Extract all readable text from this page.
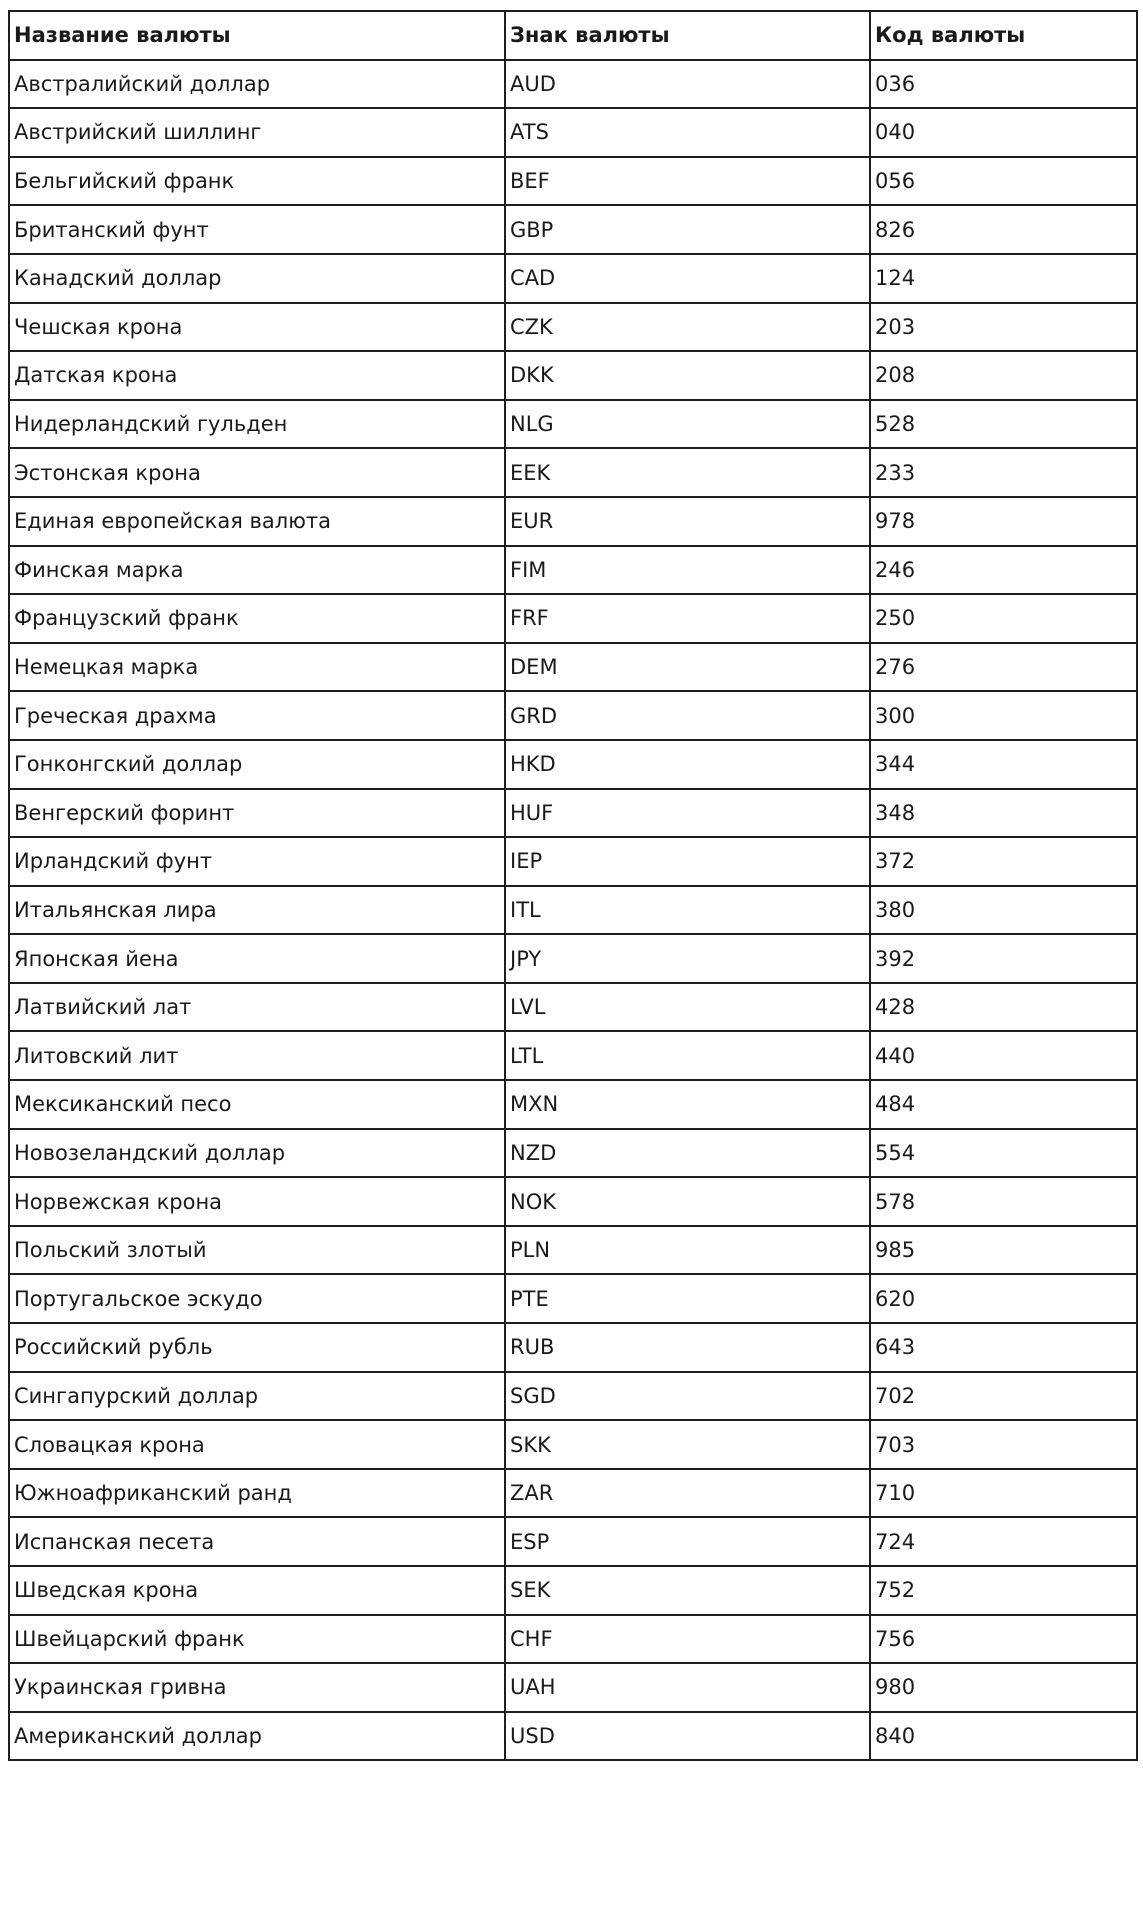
Название валюты	Знак валюты	Код валюты
Австралийский доллар	AUD	036
Австрийский шиллинг	ATS	040
Бельгийский франк	BEF	056
Британский фунт	GBP	826
Канадский доллар	CAD	124
Чешская крона	CZK	203
Датская крона	DKK	208
Нидерландский гульден	NLG	528
Эстонская крона	EEK	233
Единая европейская валюта	EUR	978
Финская марка	FIM	246
Французский франк	FRF	250
Немецкая марка	DEM	276
Греческая драхма	GRD	300
Гонконгский доллар	HKD	344
Венгерский форинт	HUF	348
Ирландский фунт	IEP	372
Итальянская лира	ITL	380
Японская йена	JPY	392
Латвийский лат	LVL	428
Литовский лит	LTL	440
Мексиканский песо	MXN	484
Новозеландский доллар	NZD	554
Норвежская крона	NOK	578
Польский злотый	PLN	985
Португальское эскудо	PTE	620
Российский рубль	RUB	643
Сингапурский доллар	SGD	702
Словацкая крона	SKK	703
Южноафриканский ранд	ZAR	710
Испанская песета	ESP	724
Шведская крона	SEK	752
Швейцарский франк	CHF	756
Украинская гривна	UAH	980
Американский доллар	USD	840
